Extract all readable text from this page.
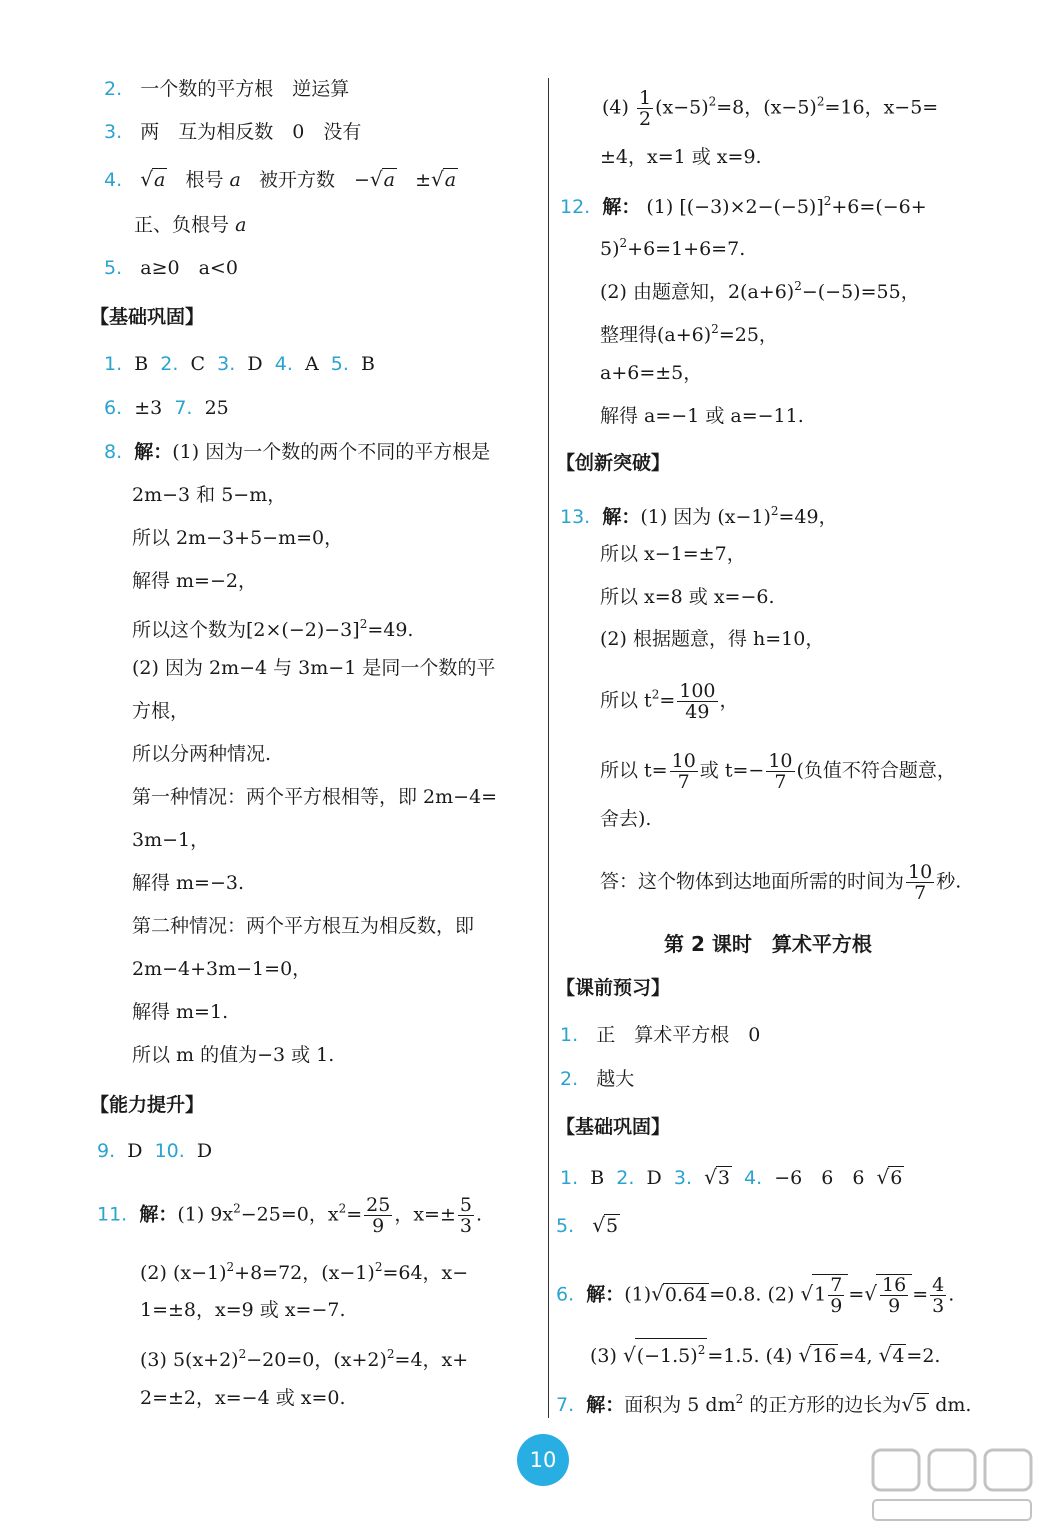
2. 一个数的平方根　逆运算
3. 两　互为相反数　0　没有
4. √a 根号 a 被开方数　−√a ±√a
正、负根号 a
5. a≥0　a<0
【基础巩固】
1. B 2. C 3. D 4. A 5. B
6. ±3 7. 25
8. 解：(1) 因为一个数的两个不同的平方根是
2m−3 和 5−m，
所以 2m−3+5−m=0，
解得 m=−2，
所以这个数为$[2\times(-2)-3]^2=49$.
(2) 因为 2m−4 与 3m−1 是同一个数的平
方根，
所以分两种情况.
第一种情况：两个平方根相等，即 2m−4=
3m−1，
解得 m=−3.
第二种情况：两个平方根互为相反数，即
2m−4+3m−1=0，
解得 m=1.
所以 m 的值为−3 或 1.
【能力提升】
9. D 10. D
11. 解：(1) $9x^2-25=0$，$x^2= \frac{25}{9}$ ，$x=\pm \frac{5}{3}$ .
(2) $(x-1)^2+8=72$，$(x-1)^2=64$，x−
1=±8，x=9 或 x=−7.
(3) $5(x+2)^2-20=0$，$(x+2)^2=4$，x+
2=±2，x=−4 或 x=0.
$(4) \frac{1}{2} (x-5)^2=8$，$(x-5)^2=16$，x−5=
±4，x=1 或 x=9.
12. 解： (1) $[(-3)\times 2-(-5)]^2+6=(-6+$
5)$^2$+6=1+6=7.
(2) 由题意知，$2(a+6)^2-(-5)=55$，
整理得$(a+6)^2=25$，
a+6=±5，
解得 a=−1 或 a=−11.
【创新突破】
13. 解：(1) 因为 $(x-1)^2=49$，
所以 x−1=±7，
所以 x=8 或 x=−6.
(2) 根据题意，得 h=10，
所以 $t^2= \frac{100}{49}$ ，
所以 $t= \frac{10}{7}$ 或 $t=- \frac{10}{7}$ (负值不符合题意，
舍去).
答：这个物体到达地面所需的时间为 $\frac{10}{7}$ 秒.
【课前预习】
1. 正　算术平方根　0
2. 越大
【基础巩固】
1. B 2. D 3. √3 4. −6　6　6 √6
5. √5
6. 解：(1)√0.64 =0.8. (2) $√1 \frac{7}{9}$ =√ $\frac{16}{9} = \frac{4}{3}$ .
(3) $√(-1.5)^2 =1.5$. (4) √16 =4, √4 =2.
7. 解：面积为 5 $dm^2$ 的正方形的边长为√5 dm.
第 2 课时　算术平方根
10
